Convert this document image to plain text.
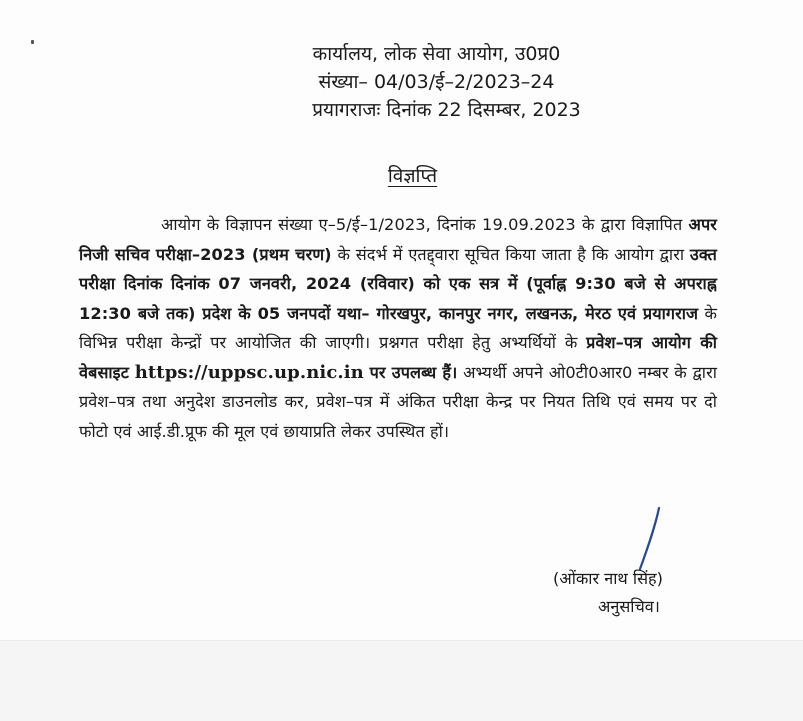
कार्यालय, लोक सेवा आयोग, उ0प्र0
संख्या– 04/03/ई–2/2023–24
प्रयागराजः दिनांक 22 दिसम्बर, 2023
विज्ञप्ति
आयोग के विज्ञापन संख्या ए–5/ई–1/2023, दिनांक 19.09.2023 के द्वारा विज्ञापित अपर निजी सचिव परीक्षा–2023 (प्रथम चरण) के संदर्भ में एतद्द्वारा सूचित किया जाता है कि आयोग द्वारा उक्त परीक्षा दिनांक दिनांक 07 जनवरी, 2024 (रविवार) को एक सत्र में (पूर्वाह्न 9:30 बजे से अपराह्न 12:30 बजे तक) प्रदेश के 05 जनपदों यथा– गोरखपुर, कानपुर नगर, लखनऊ, मेरठ एवं प्रयागराज के विभिन्न परीक्षा केन्द्रों पर आयोजित की जाएगी। प्रश्नगत परीक्षा हेतु अभ्यर्थियों के प्रवेश–पत्र आयोग की वेबसाइट https://uppsc.up.nic.in पर उपलब्ध हैं। अभ्यर्थी अपने ओ0टी0आर0 नम्बर के द्वारा प्रवेश–पत्र तथा अनुदेश डाउनलोड कर, प्रवेश–पत्र में अंकित परीक्षा केन्द्र पर नियत तिथि एवं समय पर दो फोटो एवं आई.डी.प्रूफ की मूल एवं छायाप्रति लेकर उपस्थित हों।
(ओंकार नाथ सिंह)
अनुसचिव।
